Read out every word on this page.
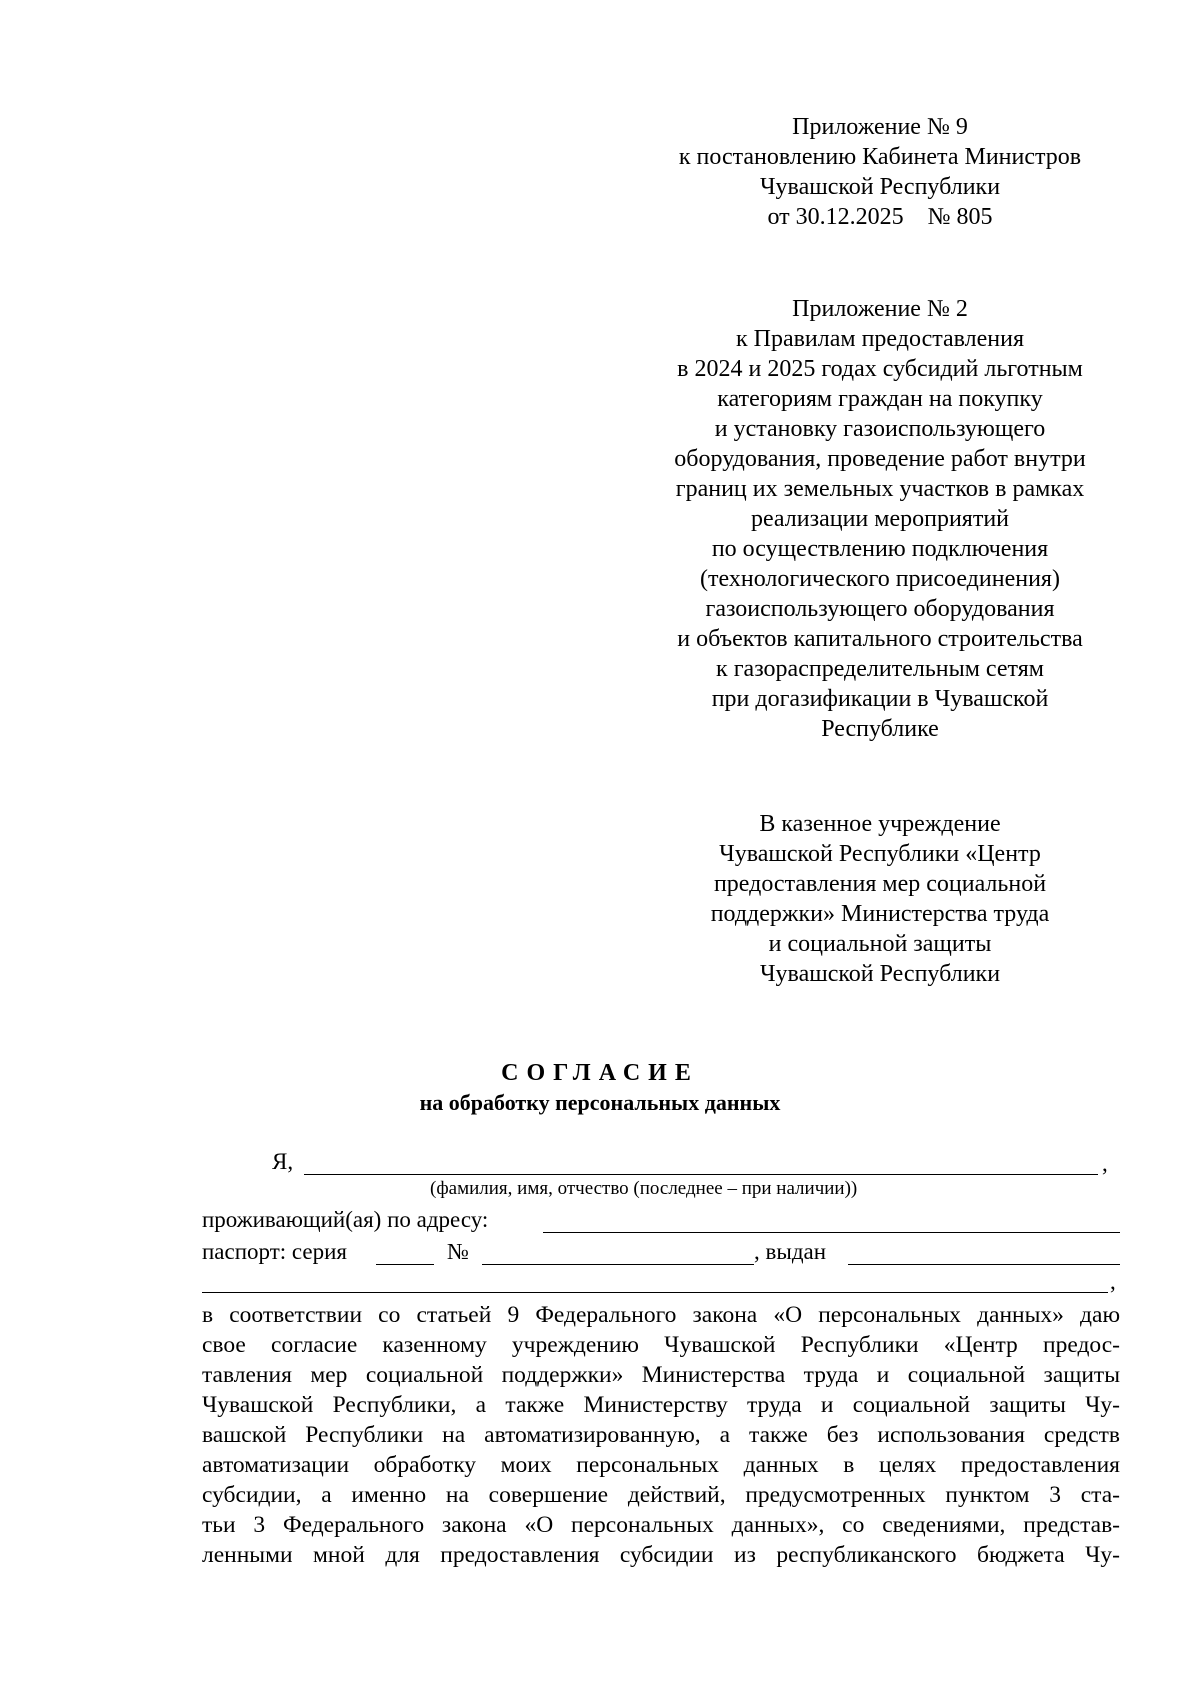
Приложение № 9
к постановлению Кабинета Министров
Чувашской Республики
от 30.12.2025    № 805
Приложение № 2
к Правилам предоставления
в 2024 и 2025 годах субсидий льготным
категориям граждан на покупку
и установку газоиспользующего
оборудования, проведение работ внутри
границ их земельных участков в рамках
реализации мероприятий
по осуществлению подключения
(технологического присоединения)
газоиспользующего оборудования
и объектов капитального строительства
к газораспределительным сетям
при догазификации в Чувашской
Республике
В казенное учреждение
Чувашской Республики «Центр
предоставления мер социальной
поддержки» Министерства труда
и социальной защиты
Чувашской Республики
СОГЛАСИЕ
на обработку персональных данных
Я,	,
(фамилия, имя, отчество (последнее – при наличии))
проживающий(ая) по адресу:
паспорт: серия	№	, выдан
,
в соответствии со статьей 9 Федерального закона «О персональных данных» даю
свое согласие казенному учреждению Чувашской Республики «Центр предос-
тавления мер социальной поддержки» Министерства труда и социальной защиты
Чувашской Республики, а также Министерству труда и социальной защиты Чу-
вашской Республики на автоматизированную, а также без использования средств
автоматизации обработку моих персональных данных в целях предоставления
субсидии, а именно на совершение действий, предусмотренных пунктом 3 ста-
тьи 3 Федерального закона «О персональных данных», со сведениями, представ-
ленными мной для предоставления субсидии из республиканского бюджета Чу-
